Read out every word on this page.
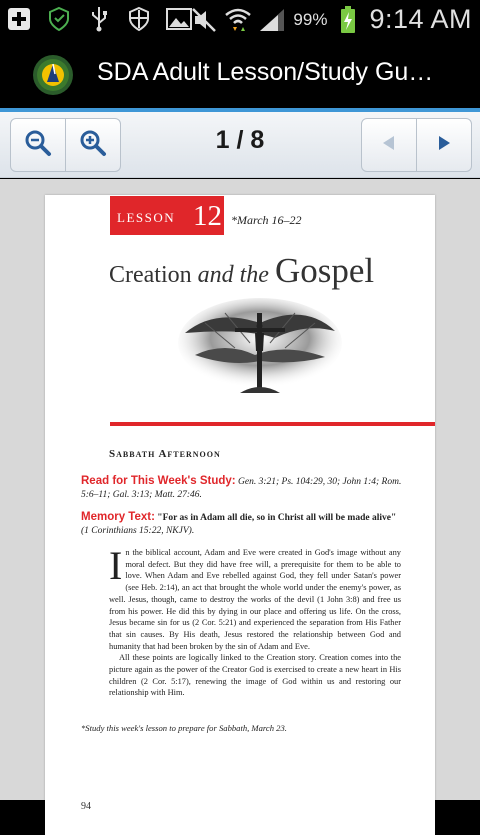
99% 9:14 AM
SDA Adult Lesson/Study Gu…
1 / 8
LESSON 12 *March 16–22
Creation and the Gospel
Sabbath Afternoon
Read for This Week's Study: Gen. 3:21; Ps. 104:29, 30; John 1:4; Rom. 5:6–11; Gal. 3:13; Matt. 27:46.
Memory Text: "For as in Adam all die, so in Christ all will be made alive" (1 Corinthians 15:22, NKJV).

In the biblical account, Adam and Eve were created in God's image without any moral defect. But they did have free will, a prerequisite for them to be able to love. When Adam and Eve rebelled against God, they fell under Satan's power (see Heb. 2:14), an act that brought the whole world under the enemy's power, as well. Jesus, though, came to destroy the works of the devil (1 John 3:8) and free us from his power. He did this by dying in our place and offering us life. On the cross, Jesus became sin for us (2 Cor. 5:21) and experienced the separation from His Father that sin causes. By His death, Jesus restored the relationship between God and humanity that had been broken by the sin of Adam and Eve.

All these points are logically linked to the Creation story. Creation comes into the picture again as the power of the Creator God is exercised to create a new heart in His children (2 Cor. 5:17), renewing the image of God within us and restoring our relationship with Him.

*Study this week's lesson to prepare for Sabbath, March 23.
94
